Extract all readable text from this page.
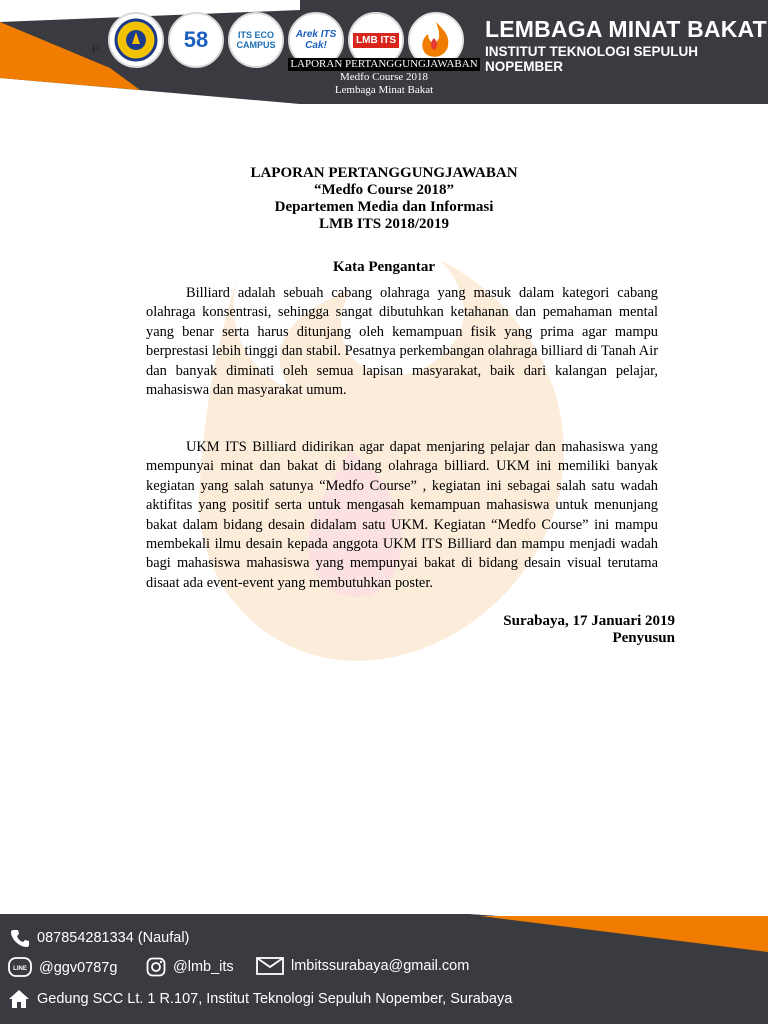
P	58	ITS ECO CAMPUS
Arek ITS Cak!	LMB ITS	LEMBAGA MINAT BAKAT
INSTITUT TEKNOLOGI SEPULUH NOPEMBER
LAPORAN PERTANGGUNGJAWABAN
Medfo Course 2018
Lembaga Minat Bakat
LAPORAN PERTANGGUNGJAWABAN
“Medfo Course 2018”
Departemen Media dan Informasi
LMB ITS 2018/2019
Kata Pengantar

Billiard adalah sebuah cabang olahraga yang masuk dalam kategori cabang olahraga konsentrasi, sehingga sangat dibutuhkan ketahanan dan pemahaman mental yang benar serta harus ditunjang oleh kemampuan fisik yang prima agar mampu berprestasi lebih tinggi dan stabil. Pesatnya perkembangan olahraga billiard di Tanah Air dan banyak diminati oleh semua lapisan masyarakat, baik dari kalangan pelajar, mahasiswa dan masyarakat umum.

UKM ITS Billiard didirikan agar dapat menjaring pelajar dan mahasiswa yang mempunyai minat dan bakat di bidang olahraga billiard. UKM ini memiliki banyak kegiatan yang salah satunya “Medfo Course” , kegiatan ini sebagai salah satu wadah aktifitas yang positif serta untuk mengasah kemampuan mahasiswa untuk menunjang bakat dalam bidang desain didalam satu UKM. Kegiatan “Medfo Course” ini mampu membekali ilmu desain kepada anggota UKM ITS Billiard dan mampu menjadi wadah bagi mahasiswa mahasiswa yang mempunyai bakat di bidang desain visual terutama disaat ada event-event yang membutuhkan poster.

Surabaya, 17 Januari 2019
Penyusun
087854281334 (Naufal)
LINE @ggv0787g	@lmb_its	lmbitssurabaya@gmail.com
Gedung SCC Lt. 1 R.107, Institut Teknologi Sepuluh Nopember, Surabaya
